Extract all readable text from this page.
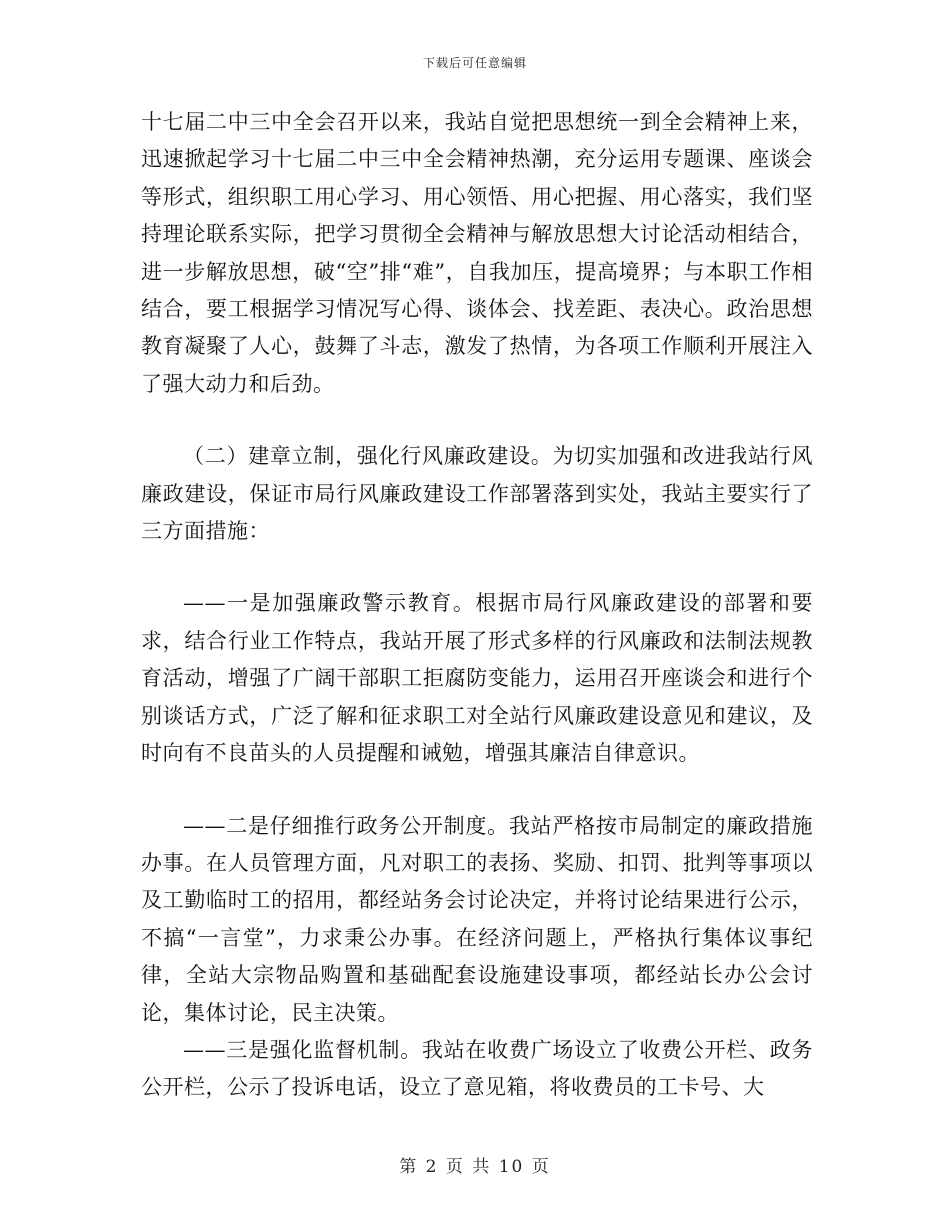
下载后可任意编辑

十七届二中三中全会召开以来，我站自觉把思想统一到全会精神上来，迅速掀起学习十七届二中三中全会精神热潮，充分运用专题课、座谈会等形式，组织职工用心学习、用心领悟、用心把握、用心落实，我们坚持理论联系实际，把学习贯彻全会精神与解放思想大讨论活动相结合，进一步解放思想，破“空”排“难”，自我加压，提高境界；与本职工作相结合，要工根据学习情况写心得、谈体会、找差距、表决心。政治思想教育凝聚了人心，鼓舞了斗志，激发了热情，为各项工作顺利开展注入了强大动力和后劲。

（二）建章立制，强化行风廉政建设。为切实加强和改进我站行风廉政建设，保证市局行风廉政建设工作部署落到实处，我站主要实行了三方面措施：

——一是加强廉政警示教育。根据市局行风廉政建设的部署和要求，结合行业工作特点，我站开展了形式多样的行风廉政和法制法规教育活动，增强了广阔干部职工拒腐防变能力，运用召开座谈会和进行个别谈话方式，广泛了解和征求职工对全站行风廉政建设意见和建议，及时向有不良苗头的人员提醒和诫勉，增强其廉洁自律意识。

——二是仔细推行政务公开制度。我站严格按市局制定的廉政措施办事。在人员管理方面，凡对职工的表扬、奖励、扣罚、批判等事项以及工勤临时工的招用，都经站务会讨论决定，并将讨论结果进行公示，不搞“一言堂”，力求秉公办事。在经济问题上，严格执行集体议事纪律，全站大宗物品购置和基础配套设施建设事项，都经站长办公会讨论，集体讨论，民主决策。

——三是强化监督机制。我站在收费广场设立了收费公开栏、政务公开栏，公示了投诉电话，设立了意见箱，将收费员的工卡号、大

第 2 页 共 10 页
